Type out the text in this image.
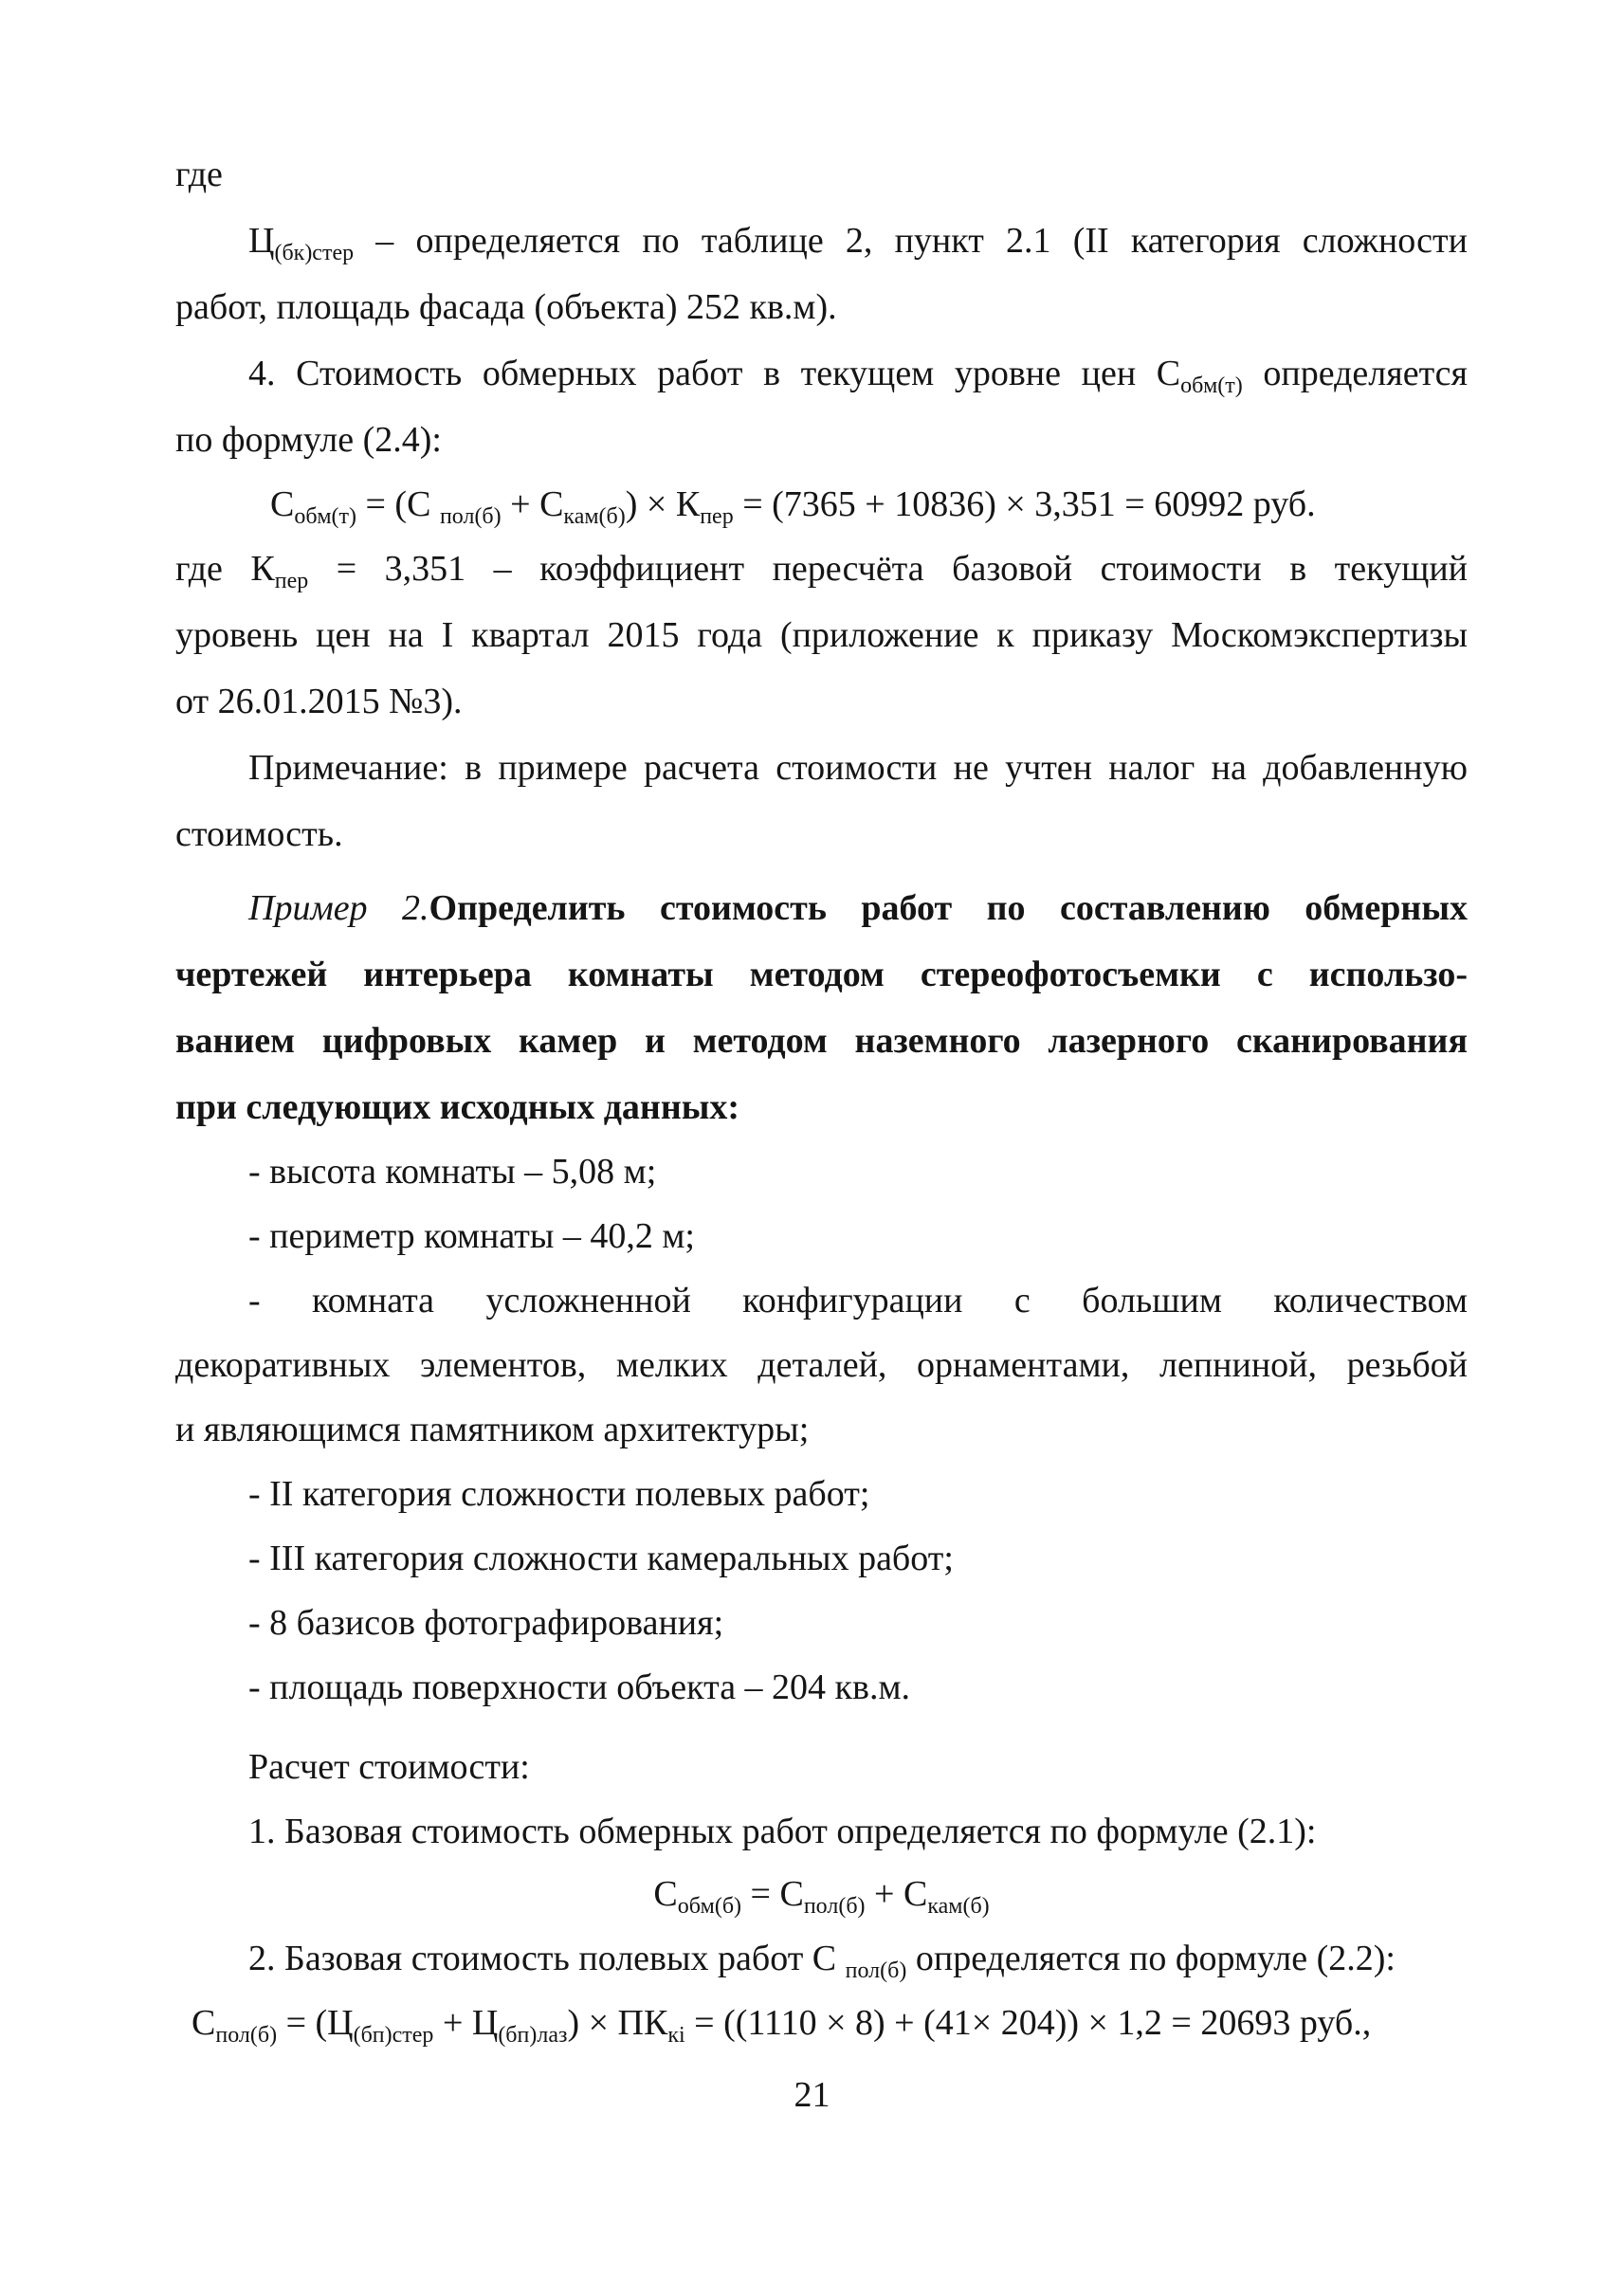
где
$Ц_{(бк)стер}$ – определяется по таблице 2, пункт 2.1 (II категория сложности
работ, площадь фасада (объекта) 252 кв.м).
4. Стоимость обмерных работ в текущем уровне цен $С_{обм(т)}$ определяется
по формуле (2.4):
$С_{обм(т)} = (С$ $_{пол(б)} + С_{кам(б)}) \times К_{пер} = (7365 + 10836) \times 3,351 = 60992$ руб.
где $К_{пер} = 3,351$ – коэффициент пересчёта базовой стоимости в текущий
уровень цен на I квартал 2015 года (приложение к приказу Москомэкспертизы
от 26.01.2015 №3).
Примечание: в примере расчета стоимости не учтен налог на добавленную
стоимость.
Пример 2.Определить стоимость работ по составлению обмерных
чертежей интерьера комнаты методом стереофотосъемки с использо-
ванием цифровых камер и методом наземного лазерного сканирования
при следующих исходных данных:
- высота комнаты – 5,08 м;
- периметр комнаты – 40,2 м;
- комната усложненной конфигурации с большим количеством
декоративных элементов, мелких деталей, орнаментами, лепниной, резьбой
и являющимся памятником архитектуры;
- II категория сложности полевых работ;
- III категория сложности камеральных работ;
- 8 базисов фотографирования;
- площадь поверхности объекта – 204 кв.м.
Расчет стоимости:
1. Базовая стоимость обмерных работ определяется по формуле (2.1):
$С_{обм(б)} = С_{пол(б)} + С_{кам(б)}$
2. Базовая стоимость полевых работ С $_{пол(б)}$ определяется по формуле (2.2):
$С_{пол(б)} = (Ц_{(бп)стер} + Ц_{(бп)лаз}) \times ПК_{кi} = ((1110 \times 8) + (41\times 204)) \times 1,2 = 20693$ руб.,
21
